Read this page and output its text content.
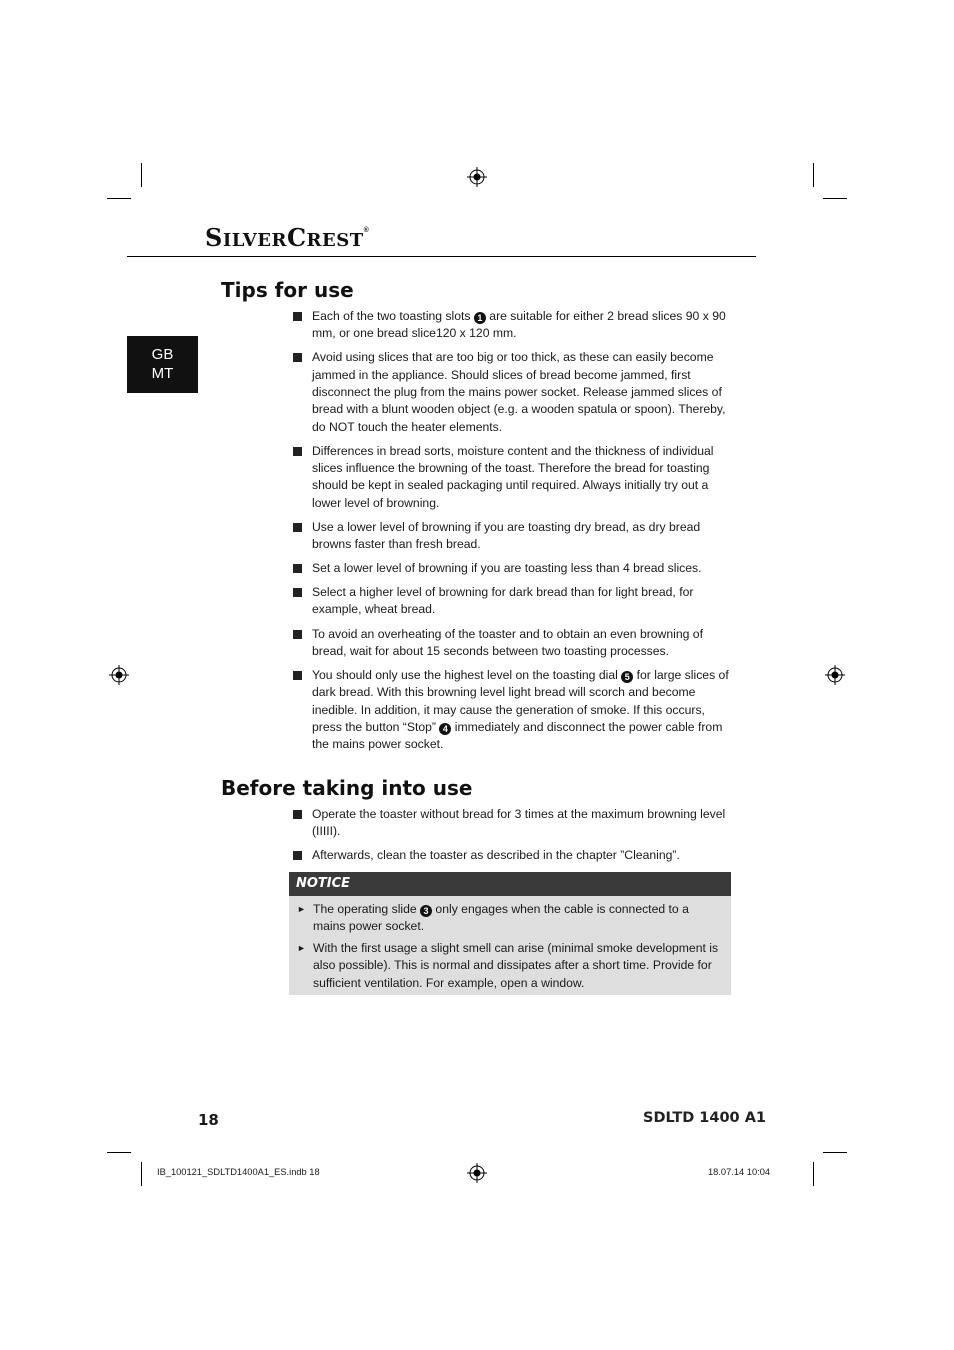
SILVERCREST®
GB
MT
Tips for use
Each of the two toasting slots 1 are suitable for either 2 bread slices 90 x 90 mm, or one bread slice120 x 120 mm.
Avoid using slices that are too big or too thick, as these can easily become jammed in the appliance. Should slices of bread become jammed, first disconnect the plug from the mains power socket. Release jammed slices of bread with a blunt wooden object (e.g. a wooden spatula or spoon). Thereby, do NOT touch the heater elements.
Differences in bread sorts, moisture content and the thickness of individual slices influence the browning of the toast. Therefore the bread for toasting should be kept in sealed packaging until required. Always initially try out a lower level of browning.
Use a lower level of browning if you are toasting dry bread, as dry bread browns faster than fresh bread.
Set a lower level of browning if you are toasting less than 4 bread slices.
Select a higher level of browning for dark bread than for light bread, for example, wheat bread.
To avoid an overheating of the toaster and to obtain an even browning of bread, wait for about 15 seconds between two toasting processes.
You should only use the highest level on the toasting dial 5 for large slices of dark bread. With this browning level light bread will scorch and become inedible. In addition, it may cause the generation of smoke. If this occurs, press the button “Stop” 4 immediately and disconnect the power cable from the mains power socket.
Before taking into use
Operate the toaster without bread for 3 times at the maximum browning level (IIIII).
Afterwards, clean the toaster as described in the chapter ”Cleaning”.
NOTICE
► The operating slide 3 only engages when the cable is connected to a mains power socket.
► With the first usage a slight smell can arise (minimal smoke development is also possible). This is normal and dissipates after a short time. Provide for sufficient ventilation. For example, open a window.
18	SDLTD 1400 A1
IB_100121_SDLTD1400A1_ES.indb 18	18.07.14 10:04
